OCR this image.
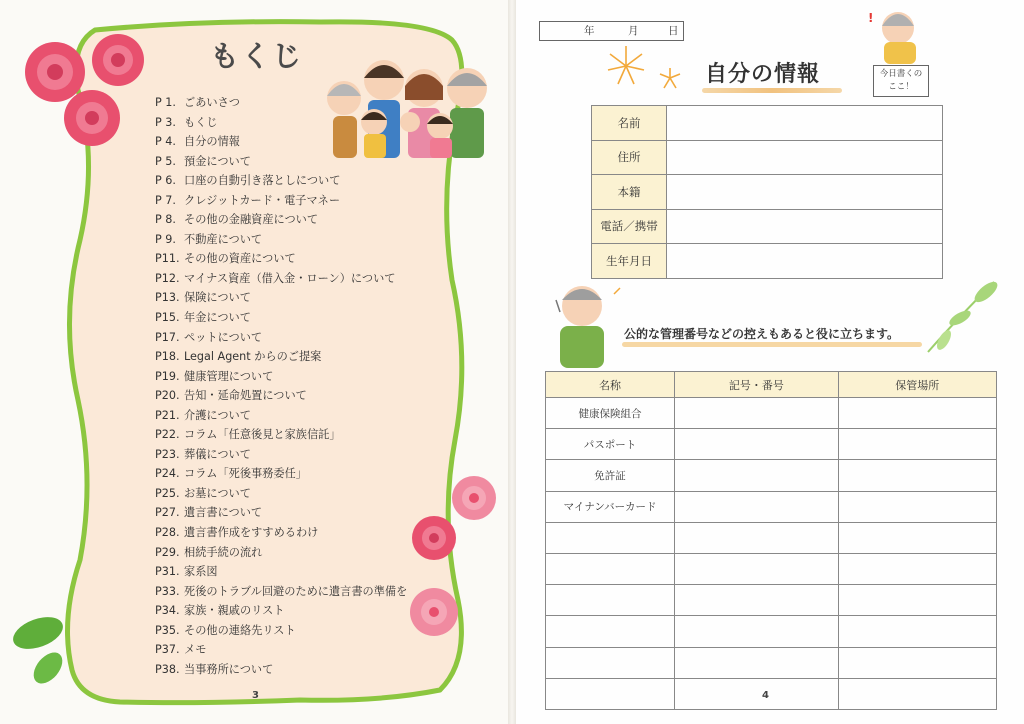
もくじ
P 1. ごあいさつ
P 3. もくじ
P 4. 自分の情報
P 5. 預金について
P 6. 口座の自動引き落としについて
P 7. クレジットカード・電子マネー
P 8. その他の金融資産について
P 9. 不動産について
P11. その他の資産について
P12. マイナス資産（借入金・ローン）について
P13. 保険について
P15. 年金について
P17. ペットについて
P18. Legal Agent からのご提案
P19. 健康管理について
P20. 告知・延命処置について
P21. 介護について
P22. コラム「任意後見と家族信託」
P23. 葬儀について
P24. コラム「死後事務委任」
P25. お墓について
P27. 遺言書について
P28. 遺言書作成をすすめるわけ
P29. 相続手続の流れ
P31. 家系図
P33. 死後のトラブル回避のために遺言書の準備を
P34. 家族・親戚のリスト
P35. その他の連絡先リスト
P37. メモ
P38. 当事務所について
3
年	月	日
!
今日書くの
ここ！
自分の情報
名前	
住所	
本籍	
電話／携帯	
生年月日	
公的な管理番号などの控えもあると役に立ちます。
名称	記号・番号	保管場所
健康保険組合		
パスポート		
免許証		
マイナンバーカード		

4
